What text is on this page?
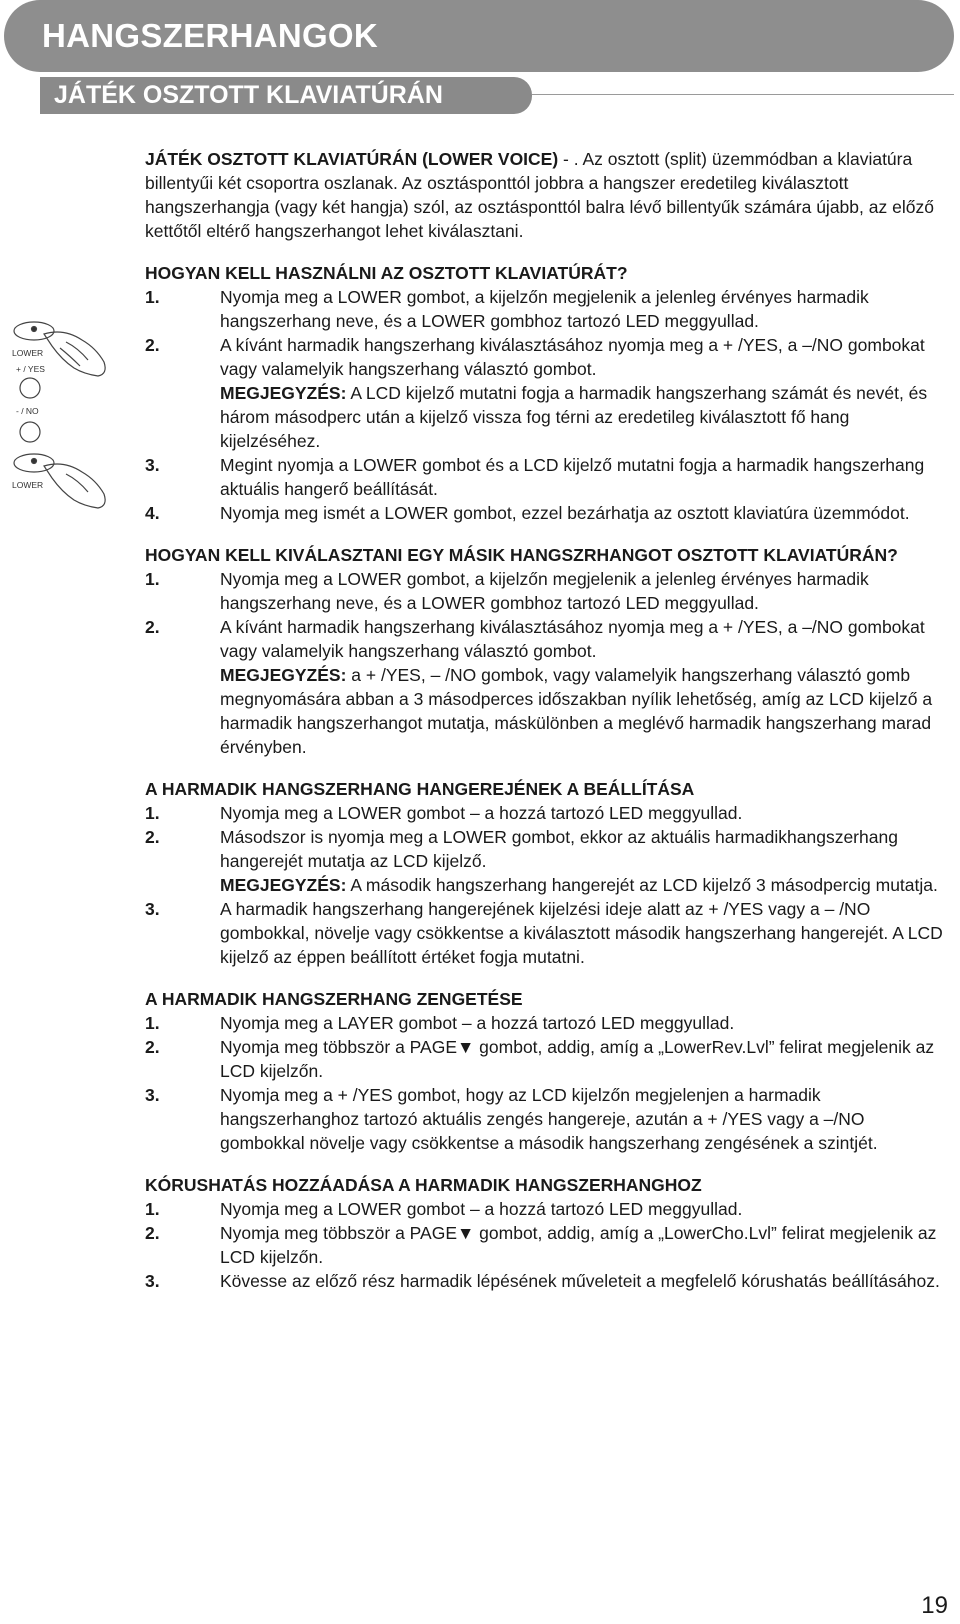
HANGSZERHANGOK
JÁTÉK OSZTOTT KLAVIATÚRÁN
LOWER
+ / YES
- / NO
LOWER

JÁTÉK OSZTOTT KLAVIATÚRÁN (LOWER VOICE) - . Az osztott (split) üzemmódban a klaviatúra billentyűi két csoportra oszlanak. Az osztásponttól jobbra a hangszer eredetileg kiválasztott hangszerhangja (vagy két hangja) szól, az osztásponttól balra lévő billentyűk számára újabb, az előző kettőtől eltérő hangszerhangot lehet kiválasztani.

HOGYAN KELL HASZNÁLNI AZ OSZTOTT KLAVIATÚRÁT?

1.	Nyomja meg a LOWER gombot, a kijelzőn megjelenik a jelenleg érvényes harmadik hangszerhang neve, és a LOWER gombhoz tartozó LED meggyullad.
2.	A kívánt harmadik hangszerhang kiválasztásához nyomja meg a + /YES, a –/NO gombokat vagy valamelyik hangszerhang választó gombot.
MEGJEGYZÉS: A LCD kijelző mutatni fogja a harmadik hangszerhang számát és nevét, és három másodperc után a kijelző vissza fog térni az eredetileg kiválasztott fő hang kijelzéséhez.
3.	Megint nyomja a LOWER gombot és a LCD kijelző mutatni fogja a harmadik hangszerhang aktuális hangerő beállítását.
4.	Nyomja meg ismét a LOWER gombot, ezzel bezárhatja az osztott klaviatúra üzemmódot.

HOGYAN KELL KIVÁLASZTANI EGY MÁSIK HANGSZRHANGOT OSZTOTT KLAVIATÚRÁN?

1.	Nyomja meg a LOWER gombot, a kijelzőn megjelenik a jelenleg érvényes harmadik hangszerhang neve, és a LOWER gombhoz tartozó LED meggyullad.
2.	A kívánt harmadik hangszerhang kiválasztásához nyomja meg a + /YES, a –/NO gombokat vagy valamelyik hangszerhang választó gombot.
MEGJEGYZÉS: a + /YES, – /NO gombok, vagy valamelyik hangszerhang választó gomb megnyomására abban a 3 másodperces időszakban nyílik lehetőség, amíg az LCD kijelző a harmadik hangszerhangot mutatja, máskülönben a meglévő harmadik hangszerhang marad érvényben.

A HARMADIK HANGSZERHANG HANGEREJÉNEK A BEÁLLÍTÁSA

1.	Nyomja meg a LOWER gombot – a hozzá tartozó LED meggyullad.
2.	Másodszor is nyomja meg a LOWER gombot, ekkor az aktuális harmadikhangszerhang hangerejét mutatja az LCD kijelző.
MEGJEGYZÉS: A második hangszerhang hangerejét az LCD kijelző 3 másodpercig mutatja.
3.	A harmadik hangszerhang hangerejének kijelzési ideje alatt az + /YES vagy a – /NO gombokkal, növelje vagy csökkentse a kiválasztott második hangszerhang hangerejét. A LCD kijelző az éppen beállított értéket fogja mutatni.

A HARMADIK HANGSZERHANG ZENGETÉSE

1.	Nyomja meg a LAYER gombot – a hozzá tartozó LED meggyullad.
2.	Nyomja meg többször a PAGE▼ gombot, addig, amíg a „LowerRev.Lvl” felirat megjelenik az LCD kijelzőn.
3.	Nyomja meg a + /YES gombot, hogy az LCD kijelzőn megjelenjen a harmadik hangszerhanghoz tartozó aktuális zengés hangereje, azután a + /YES vagy a –/NO gombokkal növelje vagy csökkentse a második hangszerhang zengésének a szintjét.

KÓRUSHATÁS HOZZÁADÁSA A HARMADIK HANGSZERHANGHOZ

1.	Nyomja meg a LOWER gombot – a hozzá tartozó LED meggyullad.
2.	Nyomja meg többször a PAGE▼ gombot, addig, amíg a „LowerCho.Lvl” felirat megjelenik az LCD kijelzőn.
3.	Kövesse az előző rész harmadik lépésének műveleteit a megfelelő kórushatás beállításához.
19
